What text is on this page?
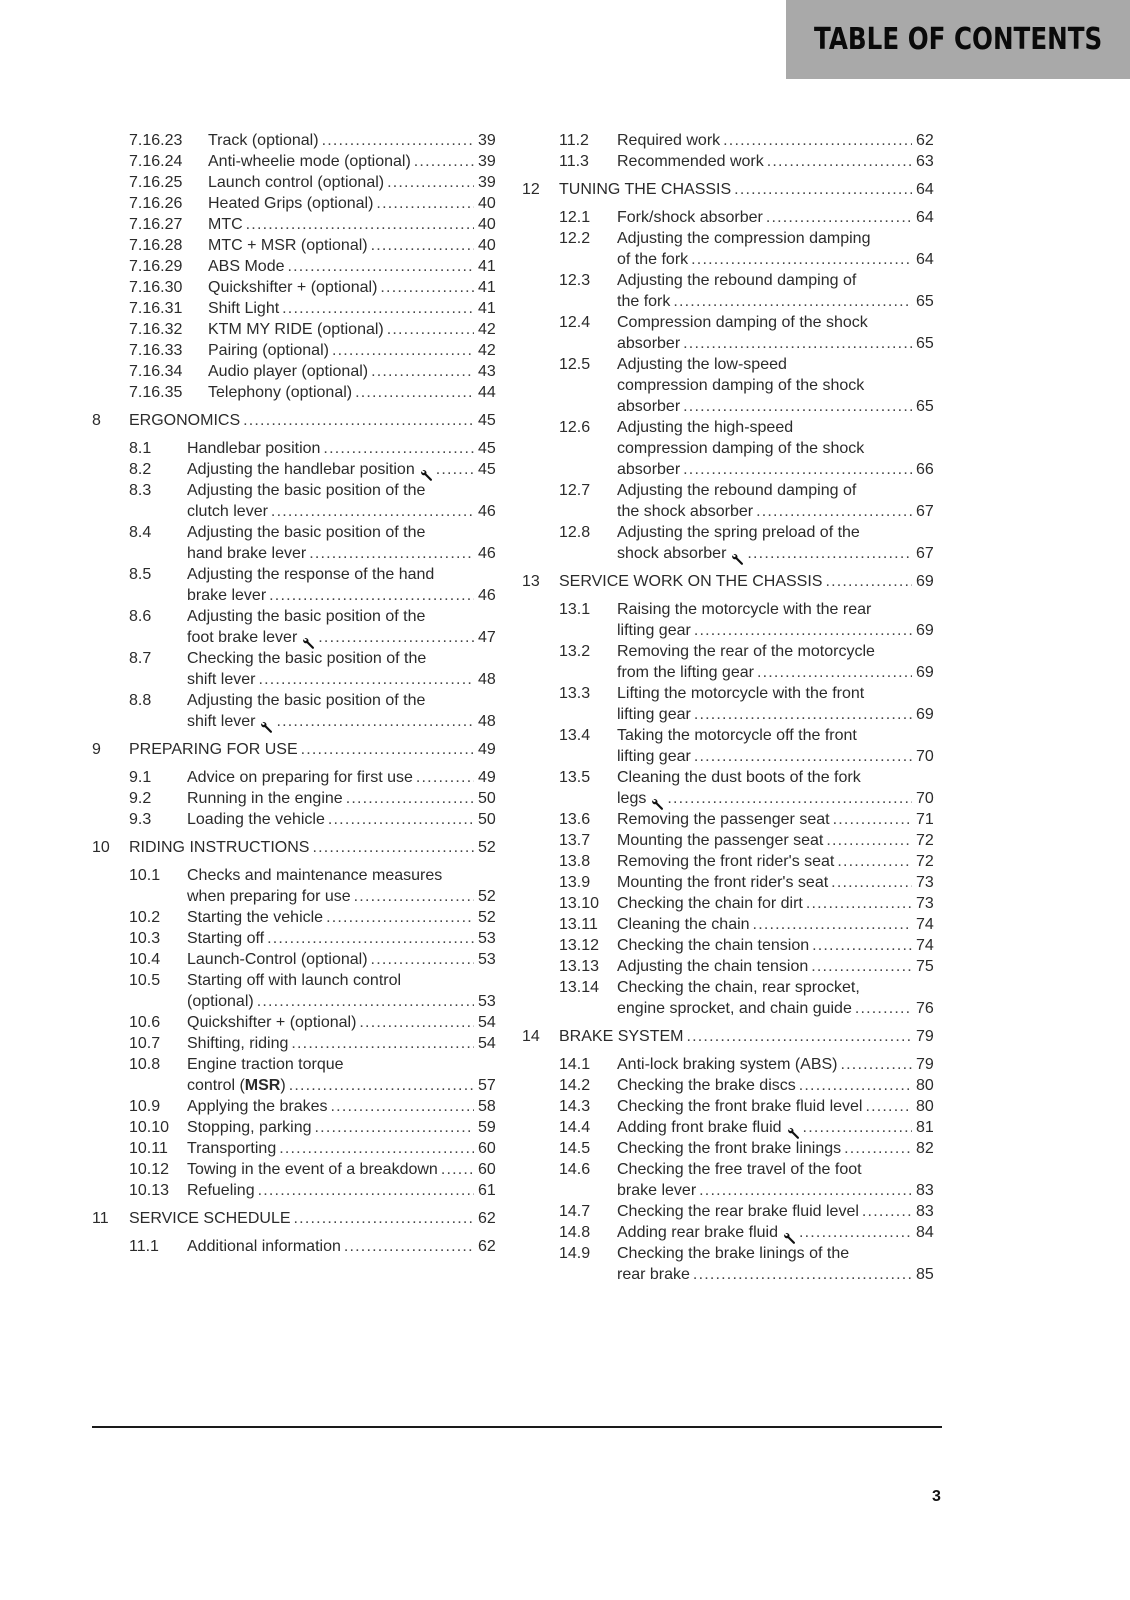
TABLE OF CONTENTS
7.16.23 Track (optional) .....	39
7.16.24 Anti-wheelie mode (optional) .....	39
7.16.25 Launch control (optional) .....	39
7.16.26 Heated Grips (optional) .....	40
7.16.27 MTC .....	40
7.16.28 MTC + MSR (optional) .....	40
7.16.29 ABS Mode .....	41
7.16.30 Quickshifter + (optional) .....	41
7.16.31 Shift Light .....	41
7.16.32 KTM MY RIDE (optional) .....	42
7.16.33 Pairing (optional) .....	42
7.16.34 Audio player (optional) .....	43
7.16.35 Telephony (optional) .....	44
8 ERGONOMICS .....	45
8.1 Handlebar position .....	45
8.2 Adjusting the handlebar position .....	45
8.3 Adjusting the basic position of the
clutch lever .....	46
8.4 Adjusting the basic position of the
hand brake lever .....	46
8.5 Adjusting the response of the hand
brake lever .....	46
8.6 Adjusting the basic position of the
foot brake lever .....	47
8.7 Checking the basic position of the
shift lever .....	48
8.8 Adjusting the basic position of the
shift lever .....	48
9 PREPARING FOR USE .....	49
9.1 Advice on preparing for first use .....	49
9.2 Running in the engine .....	50
9.3 Loading the vehicle .....	50
10 RIDING INSTRUCTIONS .....	52
10.1 Checks and maintenance measures
when preparing for use .....	52
10.2 Starting the vehicle .....	52
10.3 Starting off .....	53
10.4 Launch-Control (optional) .....	53
10.5 Starting off with launch control
(optional) .....	53
10.6 Quickshifter + (optional) .....	54
10.7 Shifting, riding .....	54
10.8 Engine traction torque
control (MSR) .....	57
10.9 Applying the brakes .....	58
10.10 Stopping, parking .....	59
10.11 Transporting .....	60
10.12 Towing in the event of a breakdown .....	60
10.13 Refueling .....	61
11 SERVICE SCHEDULE .....	62
11.1 Additional information .....	62
11.2 Required work .....	62
11.3 Recommended work .....	63
12 TUNING THE CHASSIS .....	64
12.1 Fork/shock absorber .....	64
12.2 Adjusting the compression damping
of the fork .....	64
12.3 Adjusting the rebound damping of
the fork .....	65
12.4 Compression damping of the shock
absorber .....	65
12.5 Adjusting the low-speed
compression damping of the shock
absorber .....	65
12.6 Adjusting the high-speed
compression damping of the shock
absorber .....	66
12.7 Adjusting the rebound damping of
the shock absorber .....	67
12.8 Adjusting the spring preload of the
shock absorber .....	67
13 SERVICE WORK ON THE CHASSIS .....	69
13.1 Raising the motorcycle with the rear
lifting gear .....	69
13.2 Removing the rear of the motorcycle
from the lifting gear .....	69
13.3 Lifting the motorcycle with the front
lifting gear .....	69
13.4 Taking the motorcycle off the front
lifting gear .....	70
13.5 Cleaning the dust boots of the fork
legs .....	70
13.6 Removing the passenger seat .....	71
13.7 Mounting the passenger seat .....	72
13.8 Removing the front rider's seat .....	72
13.9 Mounting the front rider's seat .....	73
13.10 Checking the chain for dirt .....	73
13.11 Cleaning the chain .....	74
13.12 Checking the chain tension .....	74
13.13 Adjusting the chain tension .....	75
13.14 Checking the chain, rear sprocket,
engine sprocket, and chain guide .....	76
14 BRAKE SYSTEM .....	79
14.1 Anti-lock braking system (ABS) .....	79
14.2 Checking the brake discs .....	80
14.3 Checking the front brake fluid level .....	80
14.4 Adding front brake fluid .....	81
14.5 Checking the front brake linings .....	82
14.6 Checking the free travel of the foot
brake lever .....	83
14.7 Checking the rear brake fluid level .....	83
14.8 Adding rear brake fluid .....	84
14.9 Checking the brake linings of the
rear brake .....	85
3
